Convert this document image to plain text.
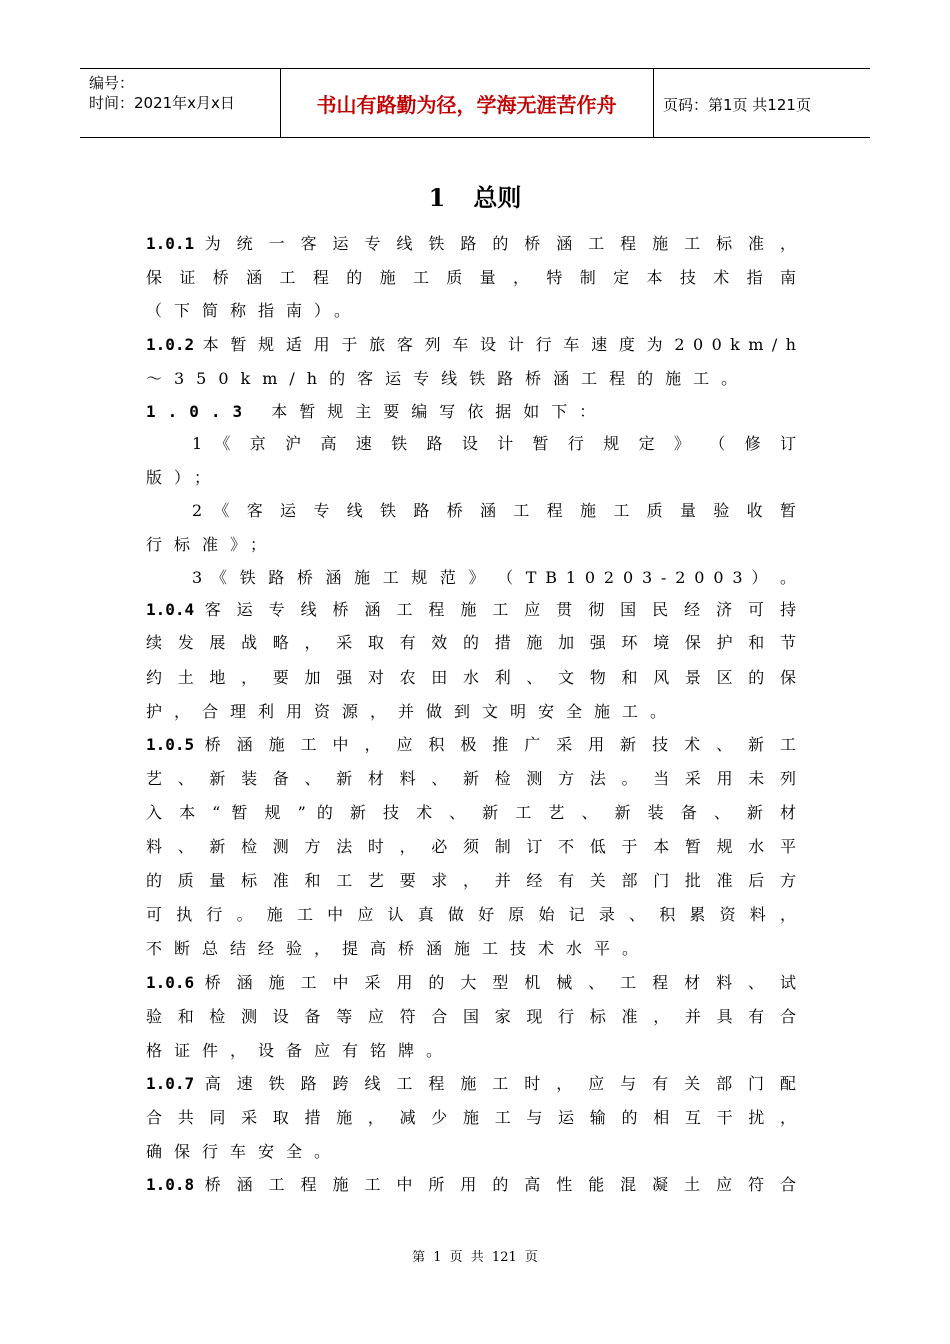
编号：
时间：2021年x月x日	书山有路勤为径，学海无涯苦作舟	页码：第1页 共121页
1 总则
1.0.1 为 统 一 客 运 专 线 铁 路 的 桥 涵 工 程 施 工 标 准 ，
保 证 桥 涵 工 程 的 施 工 质 量 ， 特 制 定 本 技 术 指 南
（下简称指南）。
1.0.2 本 暂 规 适 用 于 旅 客 列 车 设 计 行 车 速 度 为 2 0 0 k m / h
～350km/h的客运专线铁路桥涵工程的施工。
1.0.3 本暂规主要编写依据如下：
1 《 京 沪 高 速 铁 路 设 计 暂 行 规 定 》 （ 修 订
版）；
2 《 客 运 专 线 铁 路 桥 涵 工 程 施 工 质 量 验 收 暂
行标准》；
3 《 铁 路 桥 涵 施 工 规 范 》 （ T B 1 0 2 0 3 - 2 0 0 3 ） 。
1.0.4 客 运 专 线 桥 涵 工 程 施 工 应 贯 彻 国 民 经 济 可 持
续 发 展 战 略 ， 采 取 有 效 的 措 施 加 强 环 境 保 护 和 节
约 土 地 ， 要 加 强 对 农 田 水 利 、 文 物 和 风 景 区 的 保
护，合理利用资源，并做到文明安全施工。
1.0.5 桥 涵 施 工 中 ， 应 积 极 推 广 采 用 新 技 术 、 新 工
艺 、 新 装 备 、 新 材 料 、 新 检 测 方 法 。 当 采 用 未 列
入 本 “ 暂 规 ” 的 新 技 术 、 新 工 艺 、 新 装 备 、 新 材
料 、 新 检 测 方 法 时 ， 必 须 制 订 不 低 于 本 暂 规 水 平
的 质 量 标 准 和 工 艺 要 求 ， 并 经 有 关 部 门 批 准 后 方
可 执 行 。 施 工 中 应 认 真 做 好 原 始 记 录 、 积 累 资 料 ，
不断总结经验，提高桥涵施工技术水平。
1.0.6 桥 涵 施 工 中 采 用 的 大 型 机 械 、 工 程 材 料 、 试
验 和 检 测 设 备 等 应 符 合 国 家 现 行 标 准 ， 并 具 有 合
格证件，设备应有铭牌。
1.0.7 高 速 铁 路 跨 线 工 程 施 工 时 ， 应 与 有 关 部 门 配
合 共 同 采 取 措 施 ， 减 少 施 工 与 运 输 的 相 互 干 扰 ，
确保行车安全。
1.0.8 桥 涵 工 程 施 工 中 所 用 的 高 性 能 混 凝 土 应 符 合
第 1 页 共 121 页
